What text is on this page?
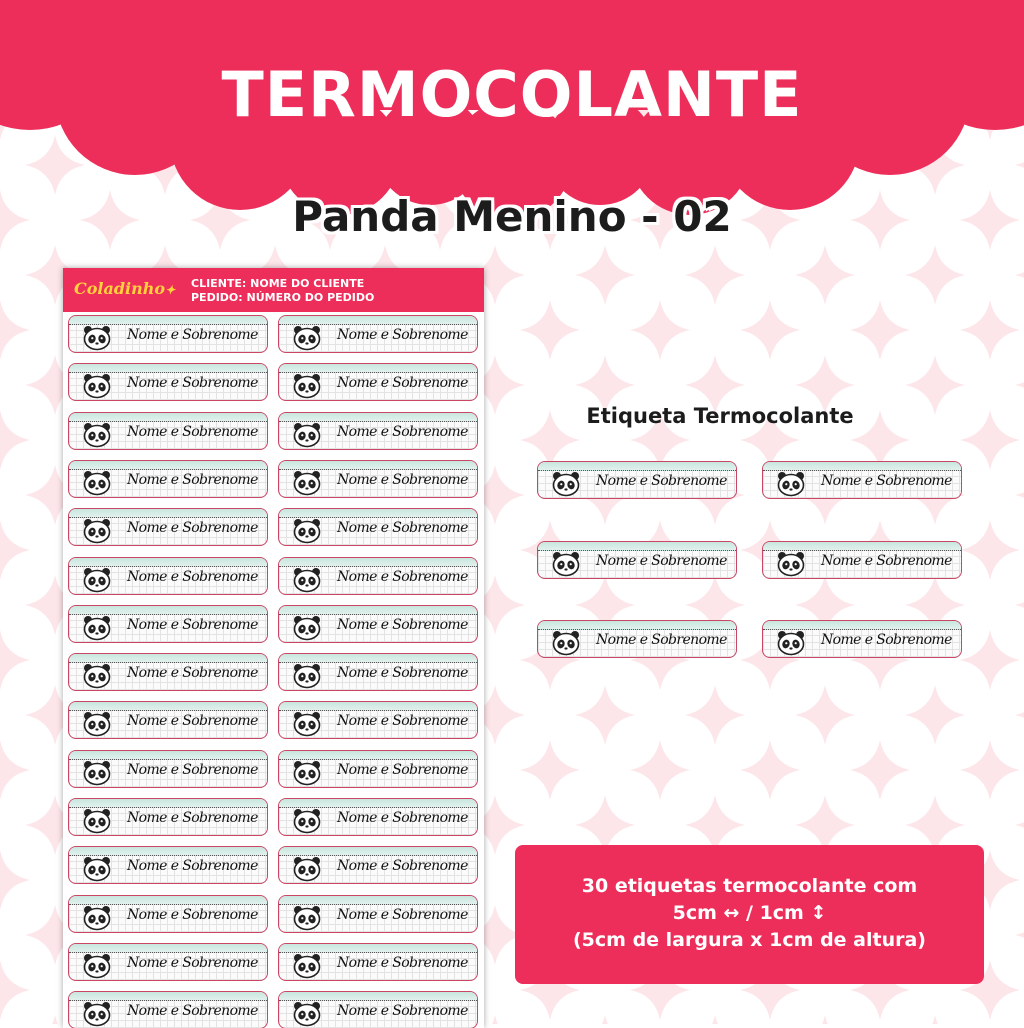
TERMOCOLANTE
Panda Menino - 02
Coladinho✦ CLIENTE: NOME DO CLIENTE
PEDIDO: NÚMERO DO PEDIDO
Nome e Sobrenome	Nome e Sobrenome
Nome e Sobrenome	Nome e Sobrenome
Nome e Sobrenome	Nome e Sobrenome
Nome e Sobrenome	Nome e Sobrenome
Nome e Sobrenome	Nome e Sobrenome
Nome e Sobrenome	Nome e Sobrenome
Nome e Sobrenome	Nome e Sobrenome
Nome e Sobrenome	Nome e Sobrenome
Nome e Sobrenome	Nome e Sobrenome
Nome e Sobrenome	Nome e Sobrenome
Nome e Sobrenome	Nome e Sobrenome
Nome e Sobrenome	Nome e Sobrenome
Nome e Sobrenome	Nome e Sobrenome
Nome e Sobrenome	Nome e Sobrenome
Nome e Sobrenome	Nome e Sobrenome
Etiqueta Termocolante
Nome e Sobrenome	Nome e Sobrenome
Nome e Sobrenome	Nome e Sobrenome
Nome e Sobrenome	Nome e Sobrenome
30 etiquetas termocolante com
5cm ↔ / 1cm ↕
(5cm de largura x 1cm de altura)
